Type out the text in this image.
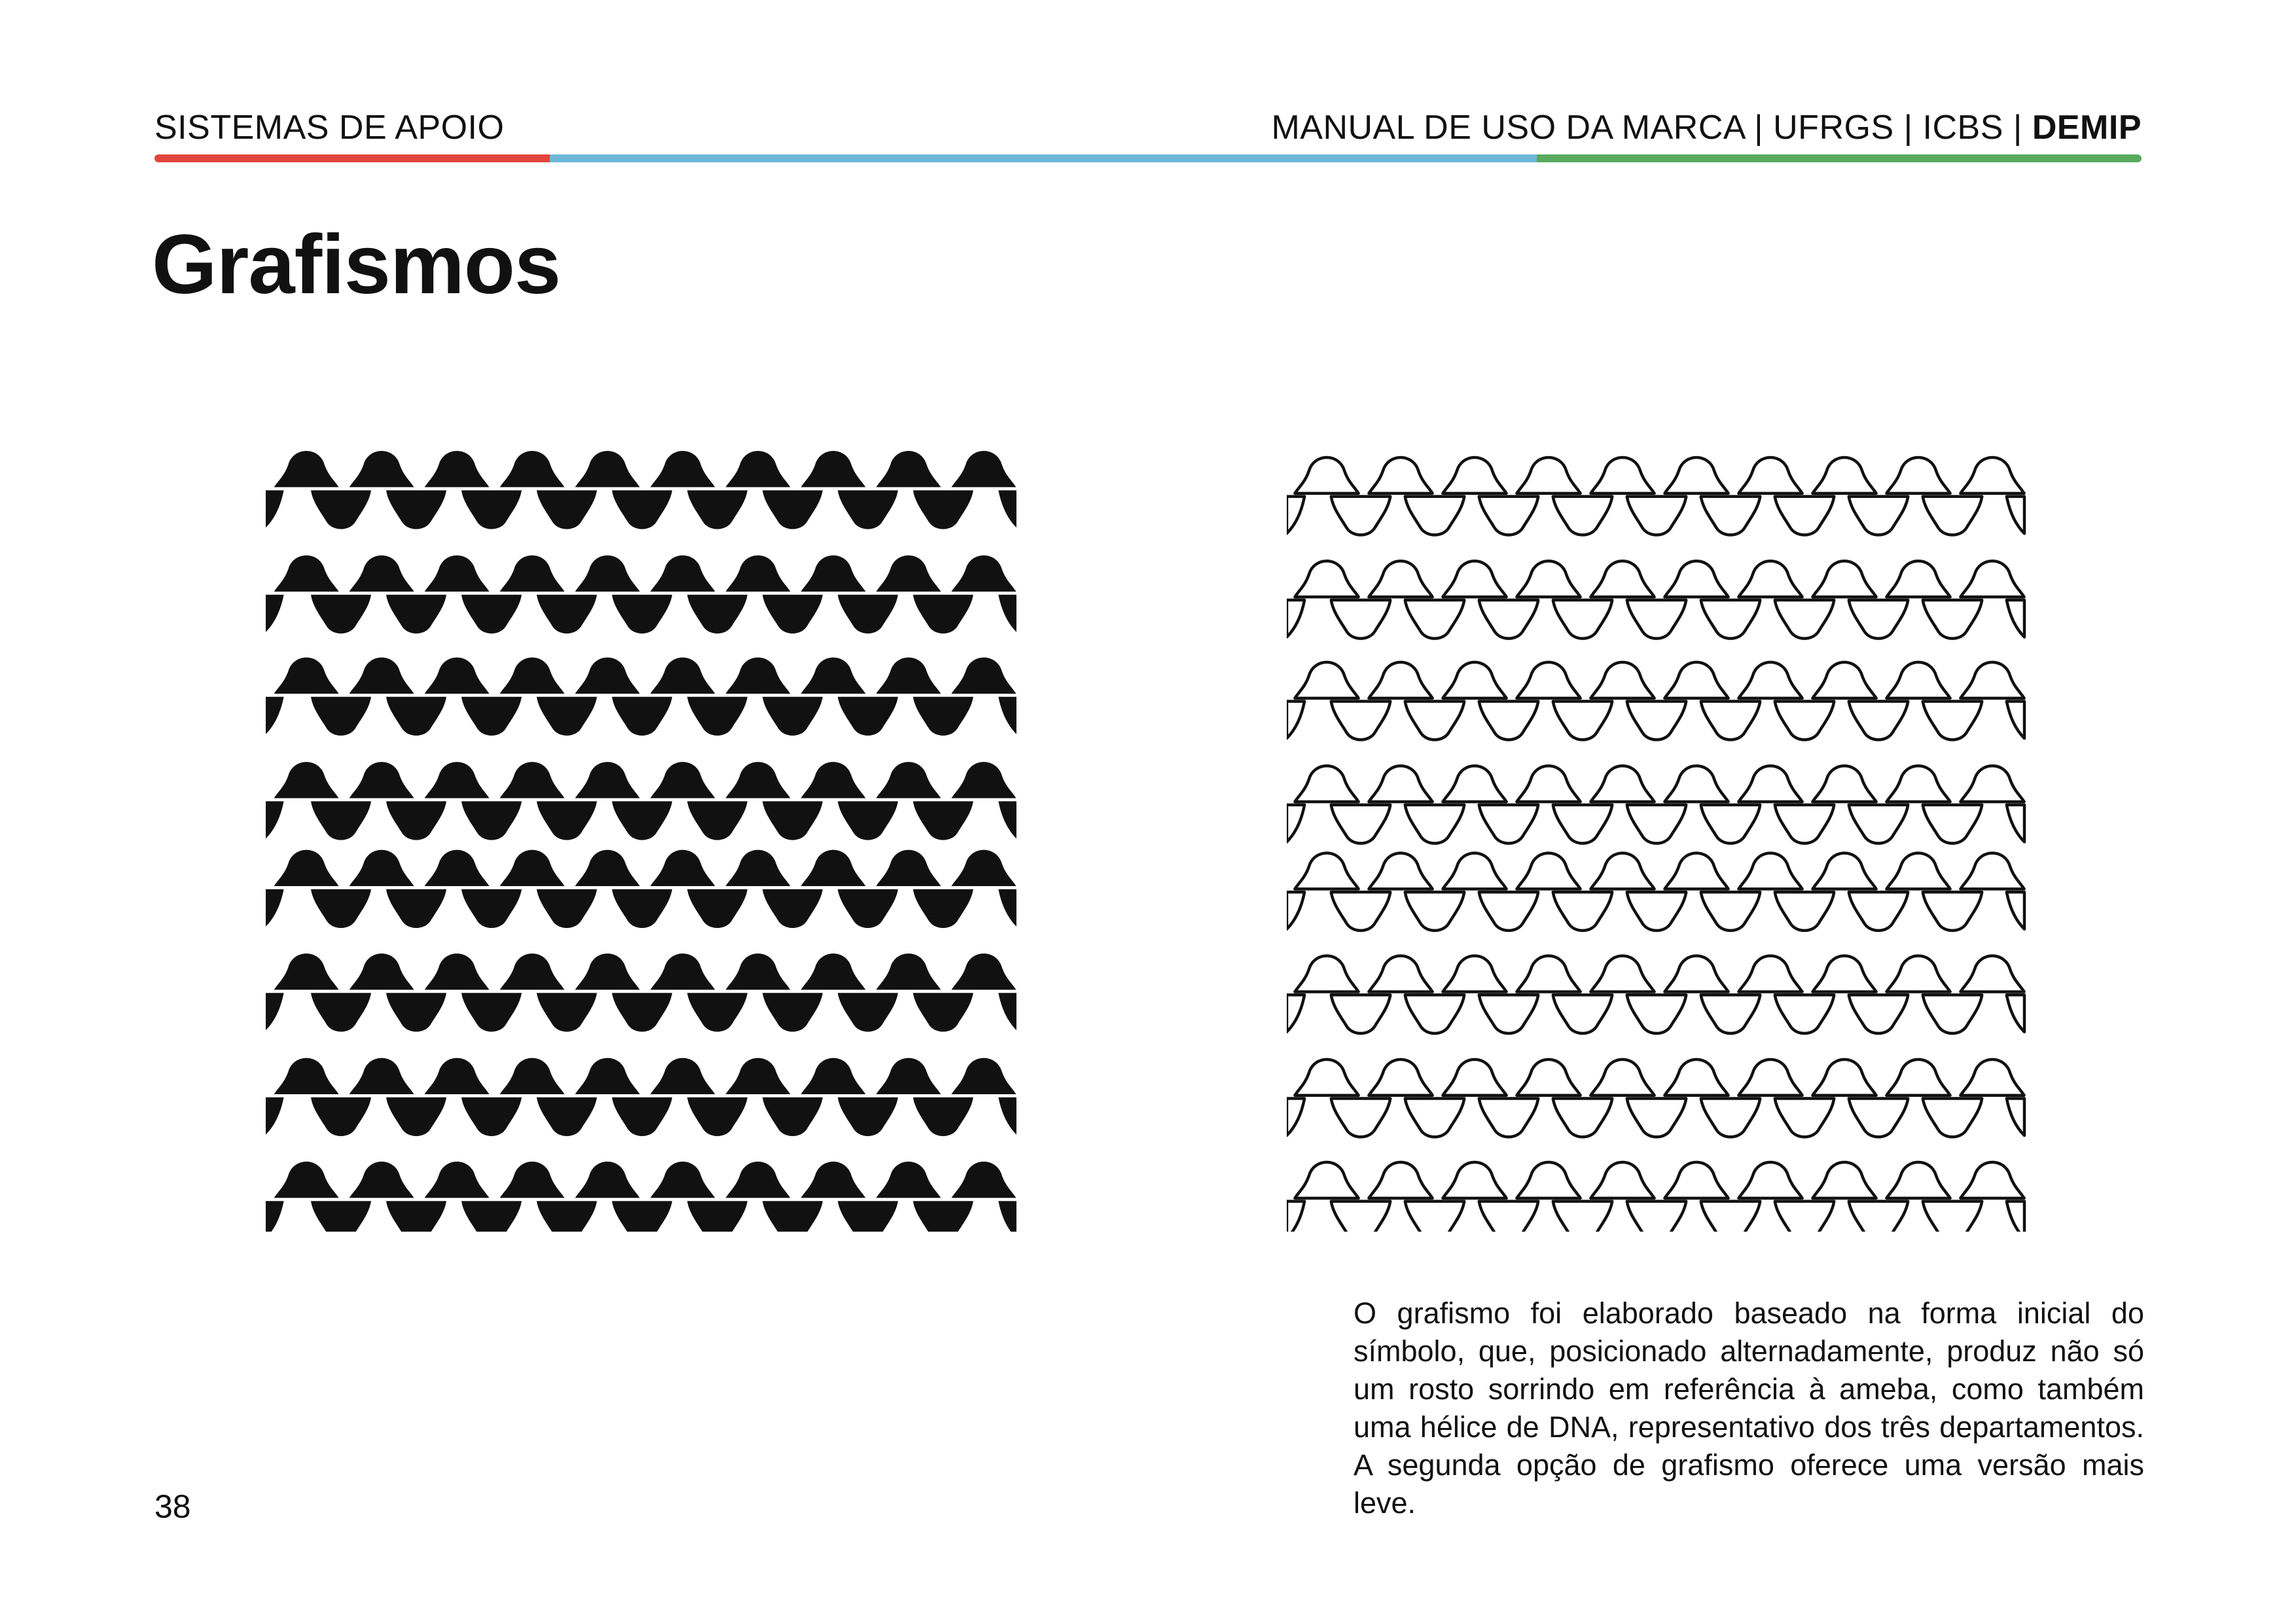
SISTEMAS DE APOIO	MANUAL DE USO DA MARCA | UFRGS | ICBS | DEMIP
Grafismos

O grafismo foi elaborado baseado na forma inicial do

símbolo, que, posicionado alternadamente, produz não só

um rosto sorrindo em referência à ameba, como também

uma hélice de DNA, representativo dos três departamentos.

A segunda opção de grafismo oferece uma versão mais leve.

38
